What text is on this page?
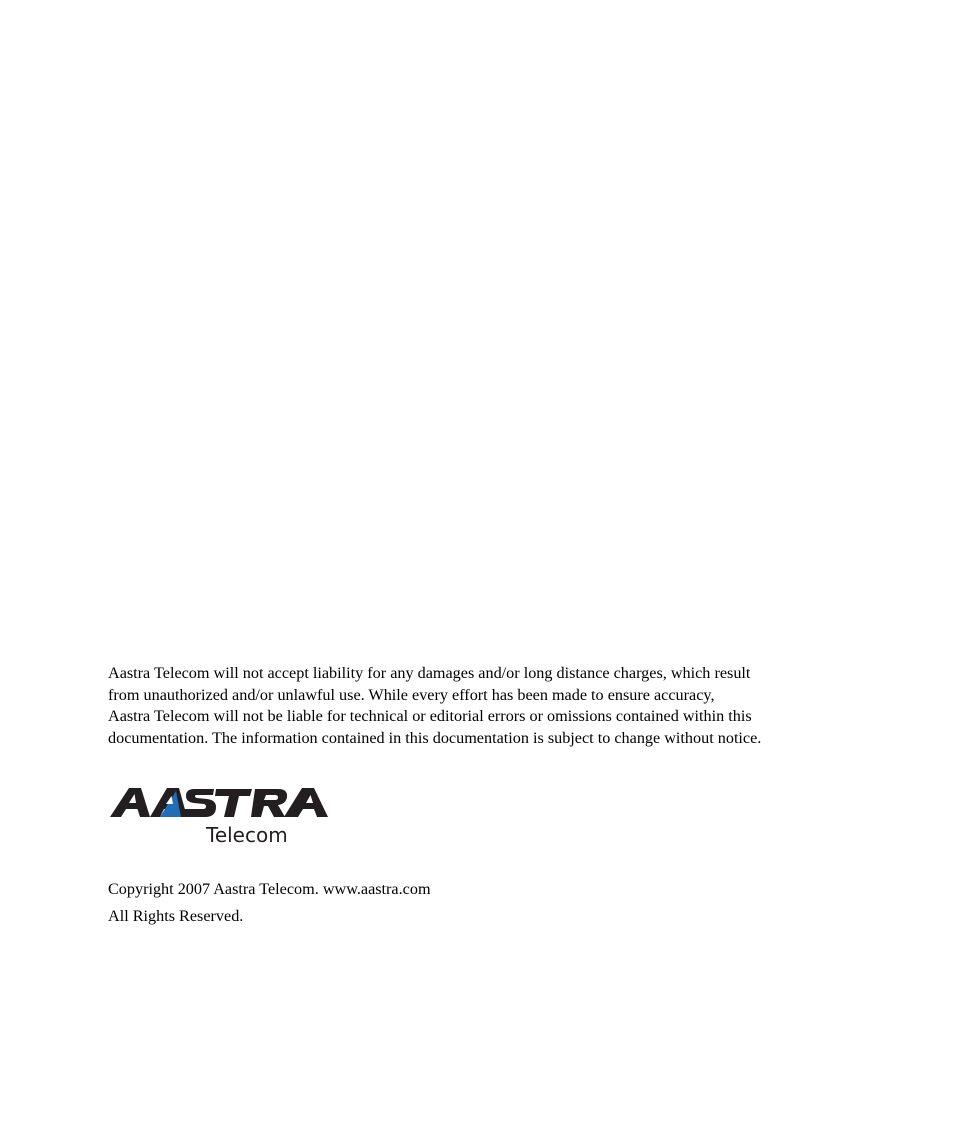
Aastra Telecom will not accept liability for any damages and/or long distance charges, which result
from unauthorized and/or unlawful use. While every effort has been made to ensure accuracy,
Aastra Telecom will not be liable for technical or editorial errors or omissions contained within this
documentation. The information contained in this documentation is subject to change without notice.

Telecom

Copyright 2007 Aastra Telecom. www.aastra.com
All Rights Reserved.
